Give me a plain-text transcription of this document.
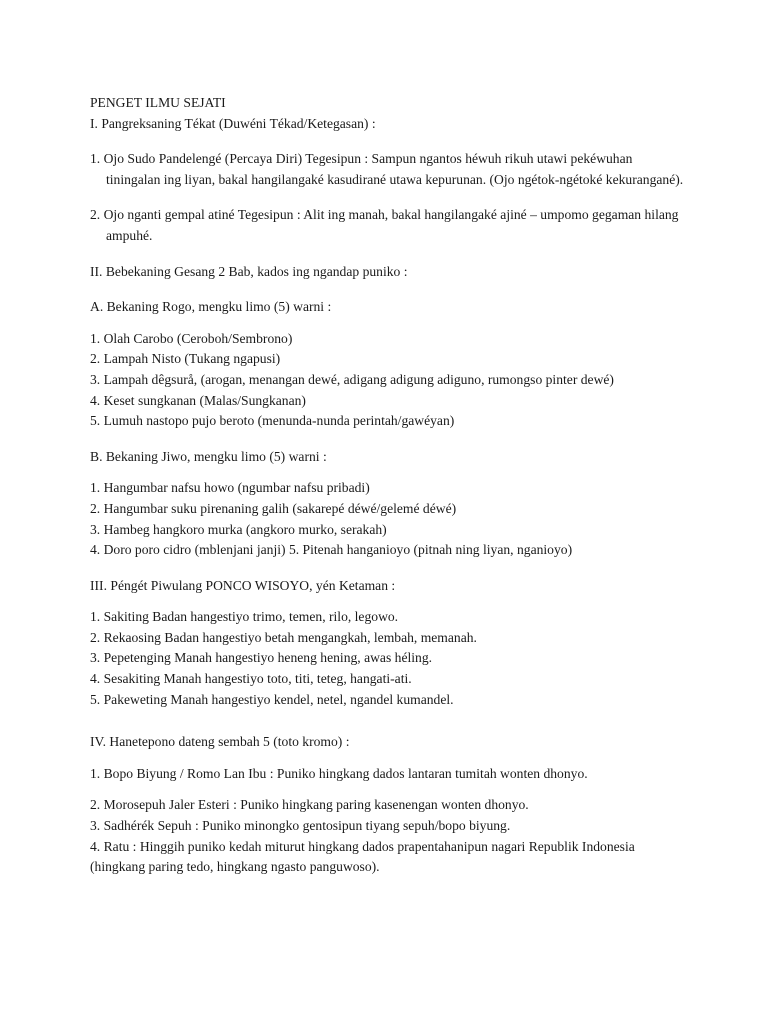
PENGET ILMU SEJATI

I. Pangreksaning Tékat (Duwéni Tékad/Ketegasan) :

1. Ojo Sudo Pandelengé (Percaya Diri) Tegesipun : Sampun ngantos héwuh rikuh utawi pekéwuhan tiningalan ing liyan, bakal hangilangaké kasudirané utawa kepurunan. (Ojo ngétok-ngétoké kekurangané).

2. Ojo nganti gempal atiné Tegesipun : Alit ing manah, bakal hangilangaké ajiné – umpomo gegaman hilang ampuhé.

II. Bebekaning Gesang 2 Bab, kados ing ngandap puniko :

A. Bekaning Rogo, mengku limo (5) warni :

1. Olah Carobo (Ceroboh/Sembrono)
2. Lampah Nisto (Tukang ngapusi)
3. Lampah dêgsurå, (arogan, menangan dewé, adigang adigung adiguno, rumongso pinter dewé)
4. Keset sungkanan (Malas/Sungkanan)
5. Lumuh nastopo pujo beroto (menunda-nunda perintah/gawéyan)

B. Bekaning Jiwo, mengku limo (5) warni :

1. Hangumbar nafsu howo (ngumbar nafsu pribadi)
2. Hangumbar suku pirenaning galih (sakarepé déwé/gelemé déwé)
3. Hambeg hangkoro murka (angkoro murko, serakah)
4. Doro poro cidro (mblenjani janji) 5. Pitenah hanganioyo (pitnah ning liyan, nganioyo)

III. Péngét Piwulang PONCO WISOYO, yén Ketaman :

1. Sakiting Badan hangestiyo trimo, temen, rilo, legowo.
2. Rekaosing Badan hangestiyo betah mengangkah, lembah, memanah.
3. Pepetenging Manah hangestiyo heneng hening, awas héling.
4. Sesakiting Manah hangestiyo toto, titi, teteg, hangati-ati.
5. Pakeweting Manah hangestiyo kendel, netel, ngandel kumandel.

IV. Hanetepono dateng sembah 5 (toto kromo) :

1. Bopo Biyung / Romo Lan Ibu : Puniko hingkang dados lantaran tumitah wonten dhonyo.

2. Morosepuh Jaler Esteri : Puniko hingkang paring kasenengan wonten dhonyo.
3. Sadhérék Sepuh : Puniko minongko gentosipun tiyang sepuh/bopo biyung.

4. Ratu : Hinggih puniko kedah miturut hingkang dados prapentahanipun nagari Republik Indonesia (hingkang paring tedo, hingkang ngasto panguwoso).
